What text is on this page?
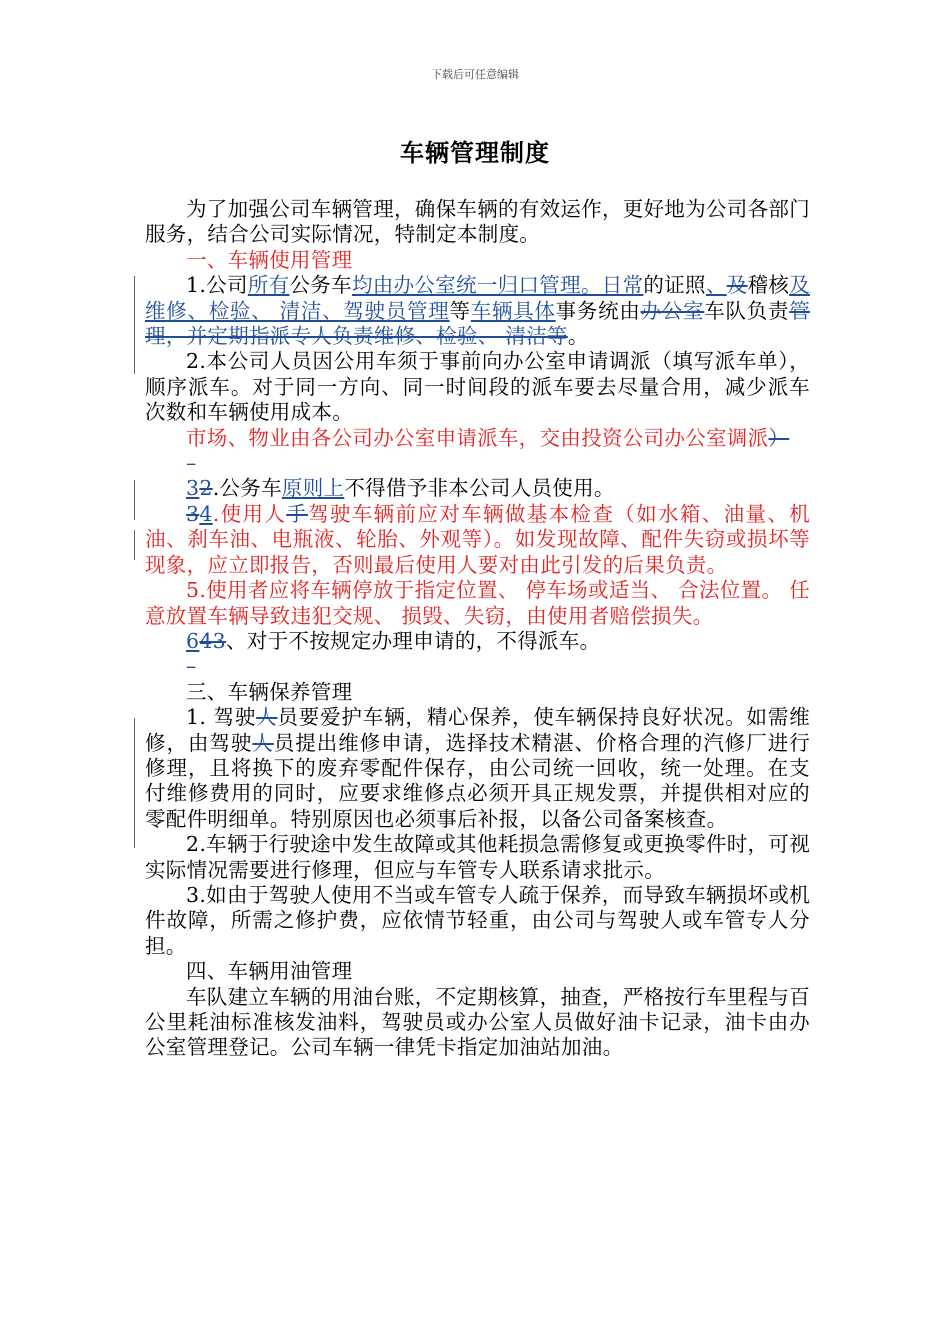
下载后可任意编辑
车辆管理制度

为了加强公司车辆管理，确保车辆的有效运作，更好地为公司各部门服务，结合公司实际情况，特制定本制度。

一、车辆使用管理

1.公司所有公务车均由办公室统一归口管理。日常的证照、及稽核及维修、检验、 清洁、驾驶员管理等车辆具体事务统由办公室车队负责管理，并定期指派专人负责维修、检验、 清洁等。

2.本公司人员因公用车须于事前向办公室申请调派（填写派车单），顺序派车。对于同一方向、同一时间段的派车要去尽量合用，减少派车次数和车辆使用成本。

市场、物业由各公司办公室申请派车，交由投资公司办公室调派）

–

32.公务车原则上不得借予非本公司人员使用。

34.使用人手驾驶车辆前应对车辆做基本检查（如水箱、油量、机油、刹车油、电瓶液、轮胎、外观等）。如发现故障、配件失窃或损坏等现象，应立即报告，否则最后使用人要对由此引发的后果负责。

5.使用者应将车辆停放于指定位置、 停车场或适当、 合法位置。 任意放置车辆导致违犯交规、 损毁、失窃，由使用者赔偿损失。

643、对于不按规定办理申请的，不得派车。

–

三、车辆保养管理

1. 驾驶人员要爱护车辆，精心保养，使车辆保持良好状况。如需维修，由驾驶人员提出维修申请，选择技术精湛、价格合理的汽修厂进行修理，且将换下的废弃零配件保存，由公司统一回收，统一处理。在支付维修费用的同时，应要求维修点必须开具正规发票，并提供相对应的零配件明细单。特别原因也必须事后补报，以备公司备案核查。

2.车辆于行驶途中发生故障或其他耗损急需修复或更换零件时，可视实际情况需要进行修理，但应与车管专人联系请求批示。

3.如由于驾驶人使用不当或车管专人疏于保养，而导致车辆损坏或机件故障，所需之修护费，应依情节轻重，由公司与驾驶人或车管专人分担。

四、车辆用油管理

车队建立车辆的用油台账，不定期核算，抽查，严格按行车里程与百公里耗油标准核发油料，驾驶员或办公室人员做好油卡记录，油卡由办公室管理登记。公司车辆一律凭卡指定加油站加油。
